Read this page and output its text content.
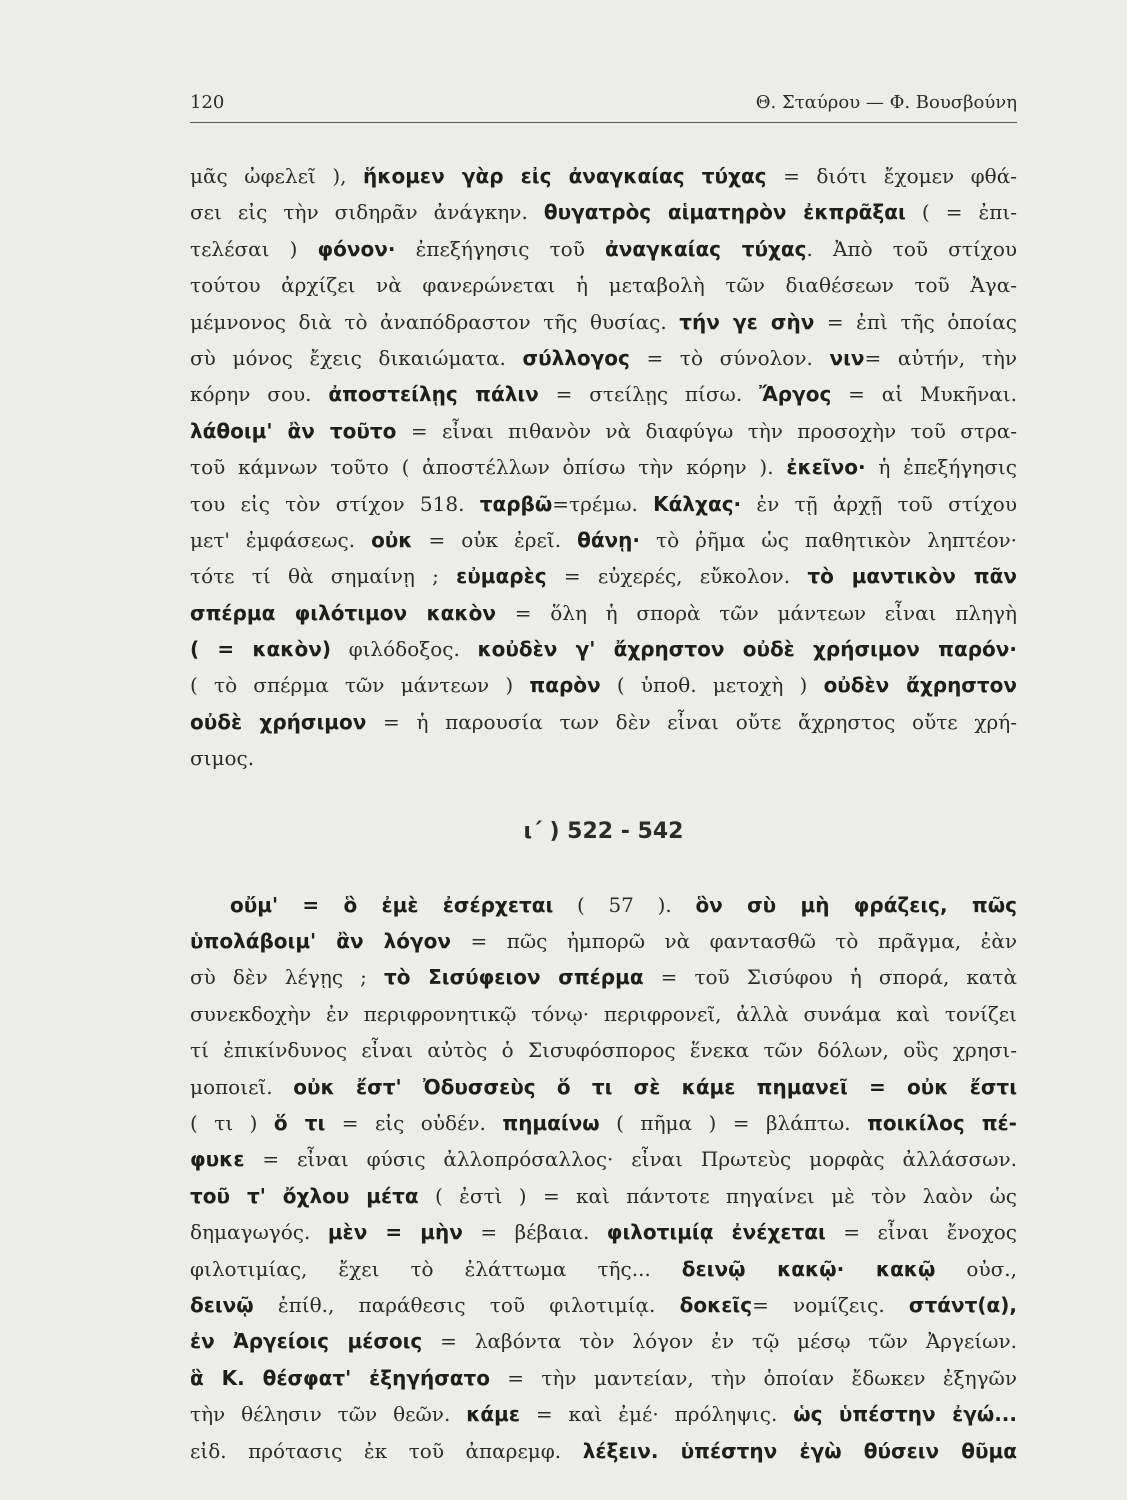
120	Θ. Σταύρου — Φ. Βουσβούνη
μᾶς ὠφελεῖ ), ἥκομεν γὰρ εἰς ἀναγκαίας τύχας = διότι ἔχομεν φθά-
σει εἰς τὴν σιδηρᾶν ἀνάγκην. θυγατρὸς αἱματηρὸν ἐκπρᾶξαι ( = ἐπι-
τελέσαι ) φόνον· ἐπεξήγησις τοῦ ἀναγκαίας τύχας. Ἀπὸ τοῦ στίχου
τούτου ἀρχίζει νὰ φανερώνεται ἡ μεταβολὴ τῶν διαθέσεων τοῦ Ἀγα-
μέμνονος διὰ τὸ ἀναπόδραστον τῆς θυσίας. τήν γε σὴν = ἐπὶ τῆς ὁποίας
σὺ μόνος ἔχεις δικαιώματα. σύλλογος = τὸ σύνολον. νιν= αὐτήν, τὴν
κόρην σου. ἀποστείλῃς πάλιν = στείλῃς πίσω. Ἄργος = αἱ Μυκῆναι.
λάθοιμ' ἂν τοῦτο = εἶναι πιθανὸν νὰ διαφύγω τὴν προσοχὴν τοῦ στρα-
τοῦ κάμνων τοῦτο ( ἀποστέλλων ὀπίσω τὴν κόρην ). ἐκεῖνο· ἡ ἐπεξήγησις
του εἰς τὸν στίχον 518. ταρβῶ=τρέμω. Κάλχας· ἐν τῇ ἀρχῇ τοῦ στίχου
μετ' ἐμφάσεως. οὐκ = οὐκ ἐρεῖ. θάνῃ· τὸ ῥῆμα ὡς παθητικὸν ληπτέον·
τότε τί θὰ σημαίνῃ ; εὐμαρὲς = εὐχερές, εὔκολον. τὸ μαντικὸν πᾶν
σπέρμα φιλότιμον κακὸν = ὅλη ἡ σπορὰ τῶν μάντεων εἶναι πληγὴ
( = κακὸν) φιλόδοξος. κοὐδὲν γ' ἄχρηστον οὐδὲ χρήσιμον παρόν·
( τὸ σπέρμα τῶν μάντεων ) παρὸν ( ὑποθ. μετοχὴ ) οὐδὲν ἄχρηστον
οὐδὲ χρήσιμον = ἡ παρουσία των δὲν εἶναι οὔτε ἄχρηστος οὔτε χρή-
σιμος.
ι΄ ) 522 - 542
οὔμ' = ὃ ἐμὲ ἐσέρχεται ( 57 ). ὃν σὺ μὴ φράζεις, πῶς
ὑπολάβοιμ' ἂν λόγον = πῶς ἠμπορῶ νὰ φαντασθῶ τὸ πρᾶγμα, ἐὰν
σὺ δὲν λέγῃς ; τὸ Σισύφειον σπέρμα = τοῦ Σισύφου ἡ σπορά, κατὰ
συνεκδοχὴν ἐν περιφρονητικῷ τόνῳ· περιφρονεῖ, ἀλλὰ συνάμα καὶ τονίζει
τί ἐπικίνδυνος εἶναι αὐτὸς ὁ Σισυφόσπορος ἕνεκα τῶν δόλων, οὓς χρησι-
μοποιεῖ. οὐκ ἔστ' Ὀδυσσεὺς ὅ τι σὲ κάμε πημανεῖ = οὐκ ἔστι
( τι ) ὅ τι = εἰς οὐδέν. πημαίνω ( πῆμα ) = βλάπτω. ποικίλος πέ-
φυκε = εἶναι φύσις ἀλλοπρόσαλλος· εἶναι Πρωτεὺς μορφὰς ἀλλάσσων.
τοῦ τ' ὄχλου μέτα ( ἐστὶ ) = καὶ πάντοτε πηγαίνει μὲ τὸν λαὸν ὡς
δημαγωγός. μὲν = μὴν = βέβαια. φιλοτιμίᾳ ἐνέχεται = εἶναι ἔνοχος
φιλοτιμίας, ἔχει τὸ ἐλάττωμα τῆς... δεινῷ κακῷ· κακῷ οὐσ.,
δεινῷ ἐπίθ., παράθεσις τοῦ φιλοτιμίᾳ. δοκεῖς= νομίζεις. στάντ(α),
ἐν Ἀργείοις μέσοις = λαβόντα τὸν λόγον ἐν τῷ μέσῳ τῶν Ἀργείων.
ἃ Κ. θέσφατ' ἐξηγήσατο = τὴν μαντείαν, τὴν ὁποίαν ἔδωκεν ἐξηγῶν
τὴν θέλησιν τῶν θεῶν. κάμε = καὶ ἐμέ· πρόληψις. ὡς ὑπέστην ἐγώ...
εἰδ. πρότασις ἐκ τοῦ ἀπαρεμφ. λέξειν. ὑπέστην ἐγὼ θύσειν θῦμα
